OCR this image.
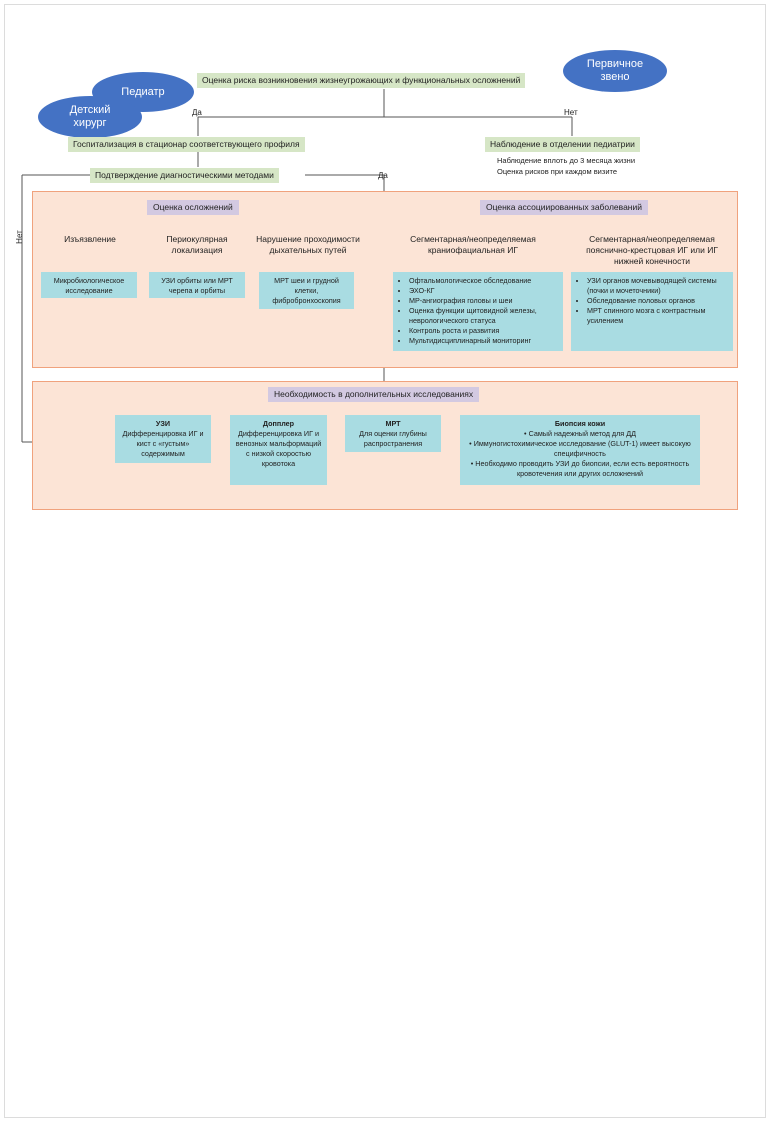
Педиатр
Первичное звено
Детский хирург
Оценка риска возникновения жизнеугрожающих и функциональных осложнений
Да	Нет
Госпитализация в стационар соответствующего профиля	Наблюдение в отделении педиатрии
Наблюдение вплоть до 3 месяца жизни
Оценка рисков при каждом визите
Подтверждение диагностическими методами	Да
Нет
Оценка осложнений	Оценка ассоциированных заболеваний
Изъязвление	Периокулярная локализация
Нарушение проходимости дыхательных путей
Сегментарная/неопределяемая краниофациальная ИГ
Сегментарная/неопределяемая пояснично-крестцовая ИГ или ИГ нижней конечности
Микробиологическое исследование
УЗИ орбиты или МРТ черепа и орбиты
МРТ шеи и грудной клетки, фибробронхоскопия
• Офтальмологическое обследование
• ЭХО-КГ
• МР-ангиография головы и шеи
• Оценка функции щитовидной железы, неврологического статуса
• Контроль роста и развития
• Мультидисциплинарный мониторинг
• УЗИ органов мочевыводящей системы (почки и мочеточники)
• Обследование половых органов
• МРТ спинного мозга с контрастным усилением
Необходимость в дополнительных исследованиях
УЗИ
Дифференцировка ИГ и кист с «густым» содержимым
Допплер
Дифференцировка ИГ и венозных мальформаций с низкой скоростью кровотока
МРТ
Для оценки глубины распространения
Биопсия кожи
• Самый надежный метод для ДД
• Иммуногистохимическое исследование (GLUT-1) имеет высокую специфичность
• Необходимо проводить УЗИ до биопсии, если есть вероятность кровотечения или других осложнений
